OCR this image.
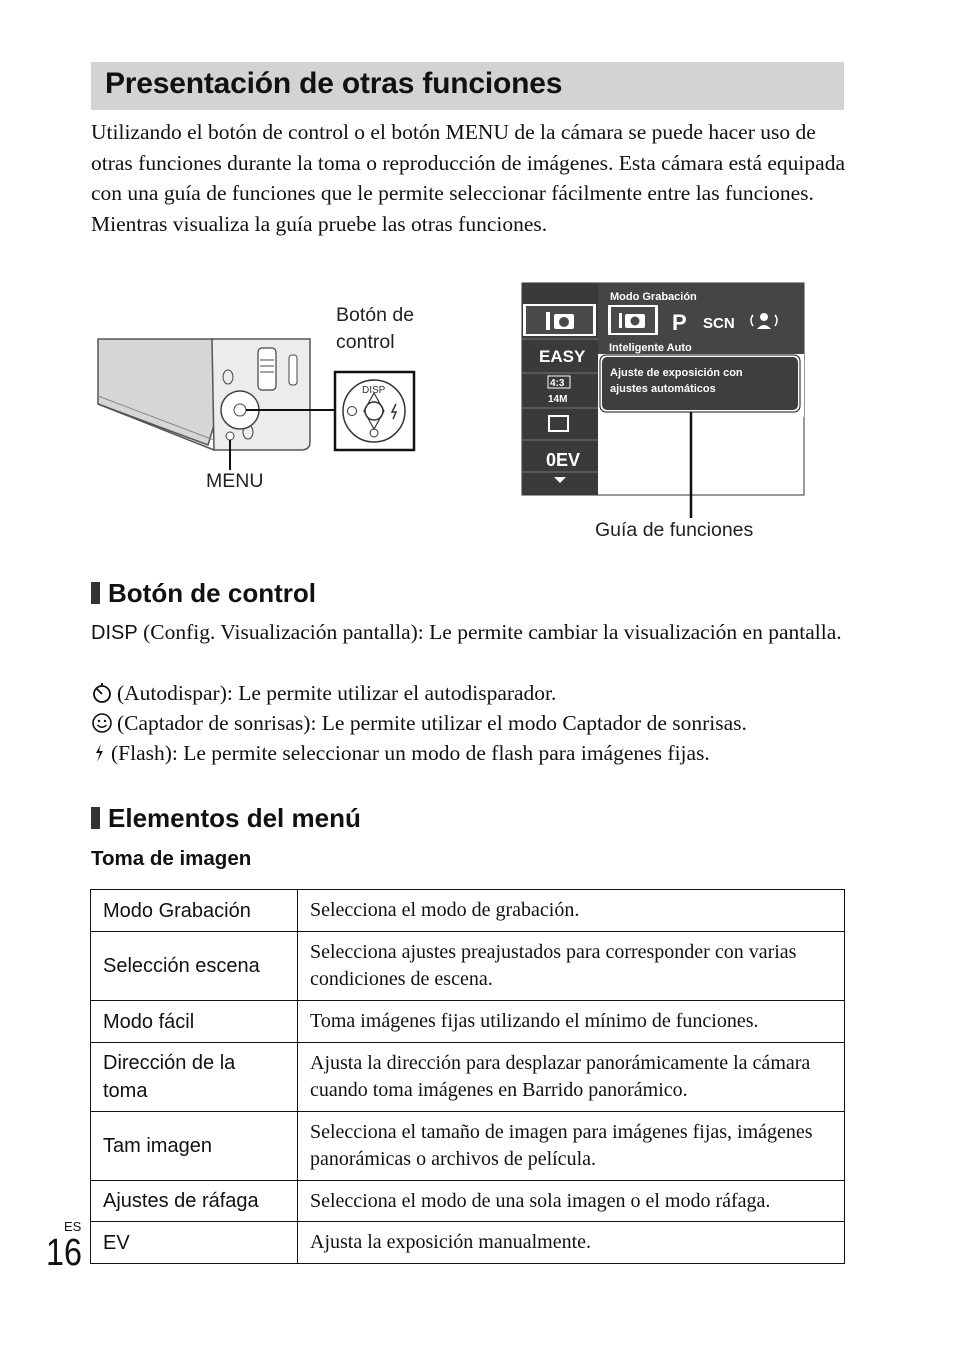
Presentación de otras funciones

Utilizando el botón de control o el botón MENU de la cámara se puede hacer uso de otras funciones durante la toma o reproducción de imágenes. Esta cámara está equipada con una guía de funciones que le permite seleccionar fácilmente entre las funciones. Mientras visualiza la guía pruebe las otras funciones.

DISP
Botón de
control
MENU
EASY
4:3
14M
0EV
Modo Grabación
P SCN
Inteligente Auto
Ajuste de exposición con
ajustes automáticos
Guía de funciones
Botón de control

DISP (Config. Visualización pantalla): Le permite cambiar la visualización en pantalla.

(Autodispar): Le permite utilizar el autodisparador.

(Captador de sonrisas): Le permite utilizar el modo Captador de sonrisas.

(Flash): Le permite seleccionar un modo de flash para imágenes fijas.

Elementos del menú
Toma de imagen
Modo Grabación	Selecciona el modo de grabación.
Selección escena	Selecciona ajustes preajustados para corresponder con varias condiciones de escena.
Modo fácil	Toma imágenes fijas utilizando el mínimo de funciones.
Dirección de la toma	Ajusta la dirección para desplazar panorámicamente la cámara cuando toma imágenes en Barrido panorámico.
Tam imagen	Selecciona el tamaño de imagen para imágenes fijas, imágenes panorámicas o archivos de película.
Ajustes de ráfaga	Selecciona el modo de una sola imagen o el modo ráfaga.
EV	Ajusta la exposición manualmente.
ES
16
